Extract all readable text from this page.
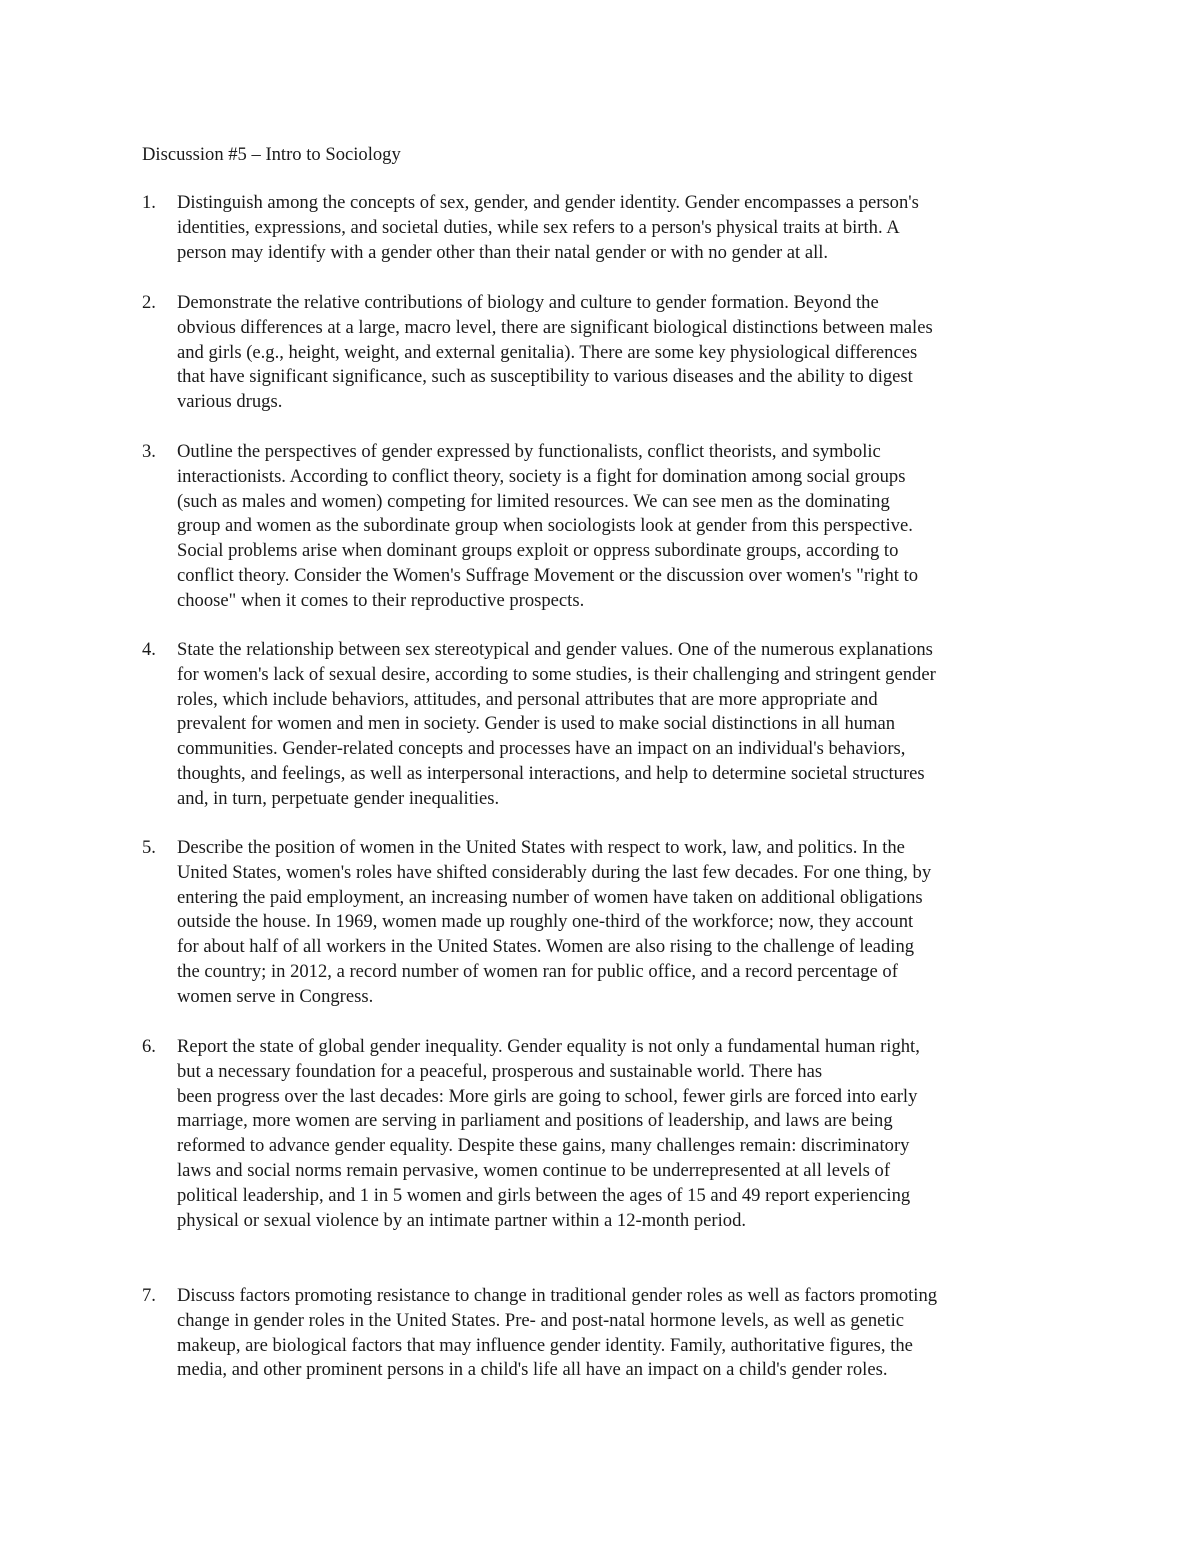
Discussion #5 – Intro to Sociology
1.	Distinguish among the concepts of sex, gender, and gender identity. Gender encompasses a person's
identities, expressions, and societal duties, while sex refers to a person's physical traits at birth. A
person may identify with a gender other than their natal gender or with no gender at all.
2.	Demonstrate the relative contributions of biology and culture to gender formation. Beyond the
obvious differences at a large, macro level, there are significant biological distinctions between males
and girls (e.g., height, weight, and external genitalia). There are some key physiological differences
that have significant significance, such as susceptibility to various diseases and the ability to digest
various drugs.
3.	Outline the perspectives of gender expressed by functionalists, conflict theorists, and symbolic
interactionists. According to conflict theory, society is a fight for domination among social groups
(such as males and women) competing for limited resources. We can see men as the dominating
group and women as the subordinate group when sociologists look at gender from this perspective.
Social problems arise when dominant groups exploit or oppress subordinate groups, according to
conflict theory. Consider the Women's Suffrage Movement or the discussion over women's "right to
choose" when it comes to their reproductive prospects.
4.	State the relationship between sex stereotypical and gender values. One of the numerous explanations
for women's lack of sexual desire, according to some studies, is their challenging and stringent gender
roles, which include behaviors, attitudes, and personal attributes that are more appropriate and
prevalent for women and men in society. Gender is used to make social distinctions in all human
communities. Gender-related concepts and processes have an impact on an individual's behaviors,
thoughts, and feelings, as well as interpersonal interactions, and help to determine societal structures
and, in turn, perpetuate gender inequalities.
5.	Describe the position of women in the United States with respect to work, law, and politics. In the
United States, women's roles have shifted considerably during the last few decades. For one thing, by
entering the paid employment, an increasing number of women have taken on additional obligations
outside the house. In 1969, women made up roughly one-third of the workforce; now, they account
for about half of all workers in the United States. Women are also rising to the challenge of leading
the country; in 2012, a record number of women ran for public office, and a record percentage of
women serve in Congress.
6.	Report the state of global gender inequality. Gender equality is not only a fundamental human right,
but a necessary foundation for a peaceful, prosperous and sustainable world. There has
been progress over the last decades: More girls are going to school, fewer girls are forced into early
marriage, more women are serving in parliament and positions of leadership, and laws are being
reformed to advance gender equality. Despite these gains, many challenges remain: discriminatory
laws and social norms remain pervasive, women continue to be underrepresented at all levels of
political leadership, and 1 in 5 women and girls between the ages of 15 and 49 report experiencing
physical or sexual violence by an intimate partner within a 12-month period.
7.	Discuss factors promoting resistance to change in traditional gender roles as well as factors promoting
change in gender roles in the United States. Pre- and post-natal hormone levels, as well as genetic
makeup, are biological factors that may influence gender identity. Family, authoritative figures, the
media, and other prominent persons in a child's life all have an impact on a child's gender roles.
